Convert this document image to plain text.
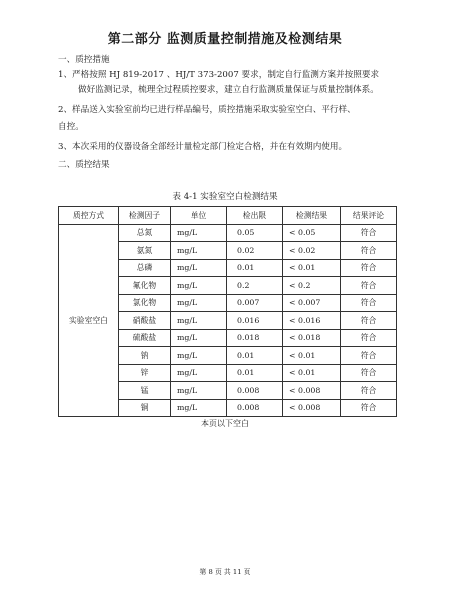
第二部分 监测质量控制措施及检测结果
一、质控措施
1、严格按照 HJ 819-2017 、HJ/T 373-2007 要求，制定自行监测方案并按照要求
做好监测记录，梳理全过程质控要求，建立自行监测质量保证与质量控制体系。
2、样品送入实验室前均已进行样品编号，质控措施采取实验室空白、平行样、
自控。
3、本次采用的仪器设备全部经计量检定部门检定合格，并在有效期内使用。
二、质控结果
表 4-1 实验室空白检测结果
质控方式	检测因子	单位	检出限	检测结果	结果评论
实验室空白	总氮	mg/L	0.05	< 0.05	符合
	氨氮	mg/L	0.02	< 0.02	符合
	总磷	mg/L	0.01	< 0.01	符合
	氟化物	mg/L	0.2	< 0.2	符合
	氯化物	mg/L	0.007	< 0.007	符合
	硝酸盐	mg/L	0.016	< 0.016	符合
	硫酸盐	mg/L	0.018	< 0.018	符合
	钠	mg/L	0.01	< 0.01	符合
	锌	mg/L	0.01	< 0.01	符合
	锰	mg/L	0.008	< 0.008	符合
	铜	mg/L	0.008	< 0.008	符合
本页以下空白
第 8 页 共 11 页
